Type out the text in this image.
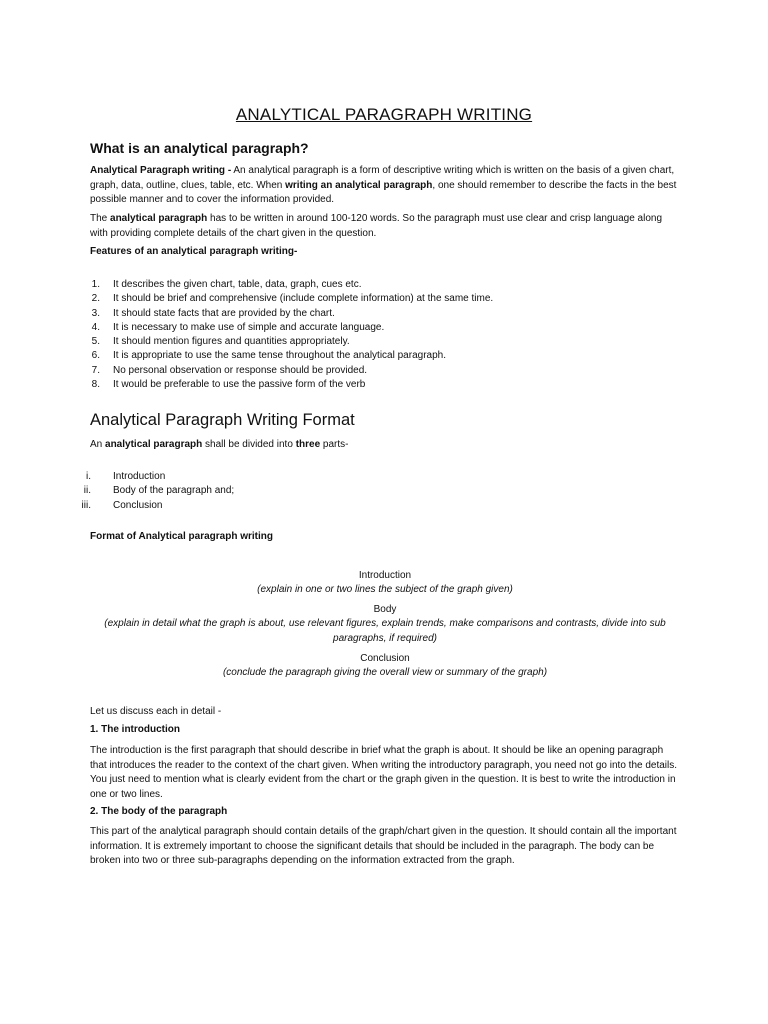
ANALYTICAL PARAGRAPH WRITING
What is an analytical paragraph?

Analytical Paragraph writing - An analytical paragraph is a form of descriptive writing which is written on the basis of a given chart, graph, data, outline, clues, table, etc. When writing an analytical paragraph, one should remember to describe the facts in the best possible manner and to cover the information provided.

The analytical paragraph has to be written in around 100-120 words. So the paragraph must use clear and crisp language along with providing complete details of the chart given in the question.

Features of an analytical paragraph writing-

1. It describes the given chart, table, data, graph, cues etc.
2. It should be brief and comprehensive (include complete information) at the same time.
3. It should state facts that are provided by the chart.
4. It is necessary to make use of simple and accurate language.
5. It should mention figures and quantities appropriately.
6. It is appropriate to use the same tense throughout the analytical paragraph.
7. No personal observation or response should be provided.
8. It would be preferable to use the passive form of the verb
Analytical Paragraph Writing Format

An analytical paragraph shall be divided into three parts-

i. Introduction
ii. Body of the paragraph and;
iii. Conclusion

Format of Analytical paragraph writing

Introduction

(explain in one or two lines the subject of the graph given)

Body

(explain in detail what the graph is about, use relevant figures, explain trends, make comparisons and contrasts, divide into sub paragraphs, if required)

Conclusion

(conclude the paragraph giving the overall view or summary of the graph)

Let us discuss each in detail -

1. The introduction

The introduction is the first paragraph that should describe in brief what the graph is about. It should be like an opening paragraph that introduces the reader to the context of the chart given. When writing the introductory paragraph, you need not go into the details. You just need to mention what is clearly evident from the chart or the graph given in the question. It is best to write the introduction in one or two lines.

2. The body of the paragraph

This part of the analytical paragraph should contain details of the graph/chart given in the question. It should contain all the important information. It is extremely important to choose the significant details that should be included in the paragraph. The body can be broken into two or three sub-paragraphs depending on the information extracted from the graph.
